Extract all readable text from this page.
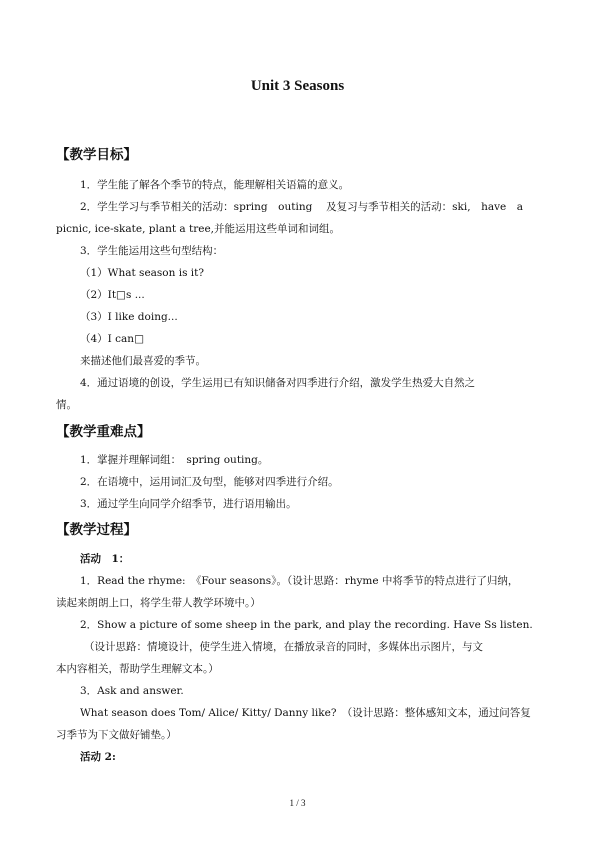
Unit 3 Seasons
【教学目标】
1．学生能了解各个季节的特点，能理解相关语篇的意义。
2．学生学习与季节相关的活动：spring　outing　 及复习与季节相关的活动：ski,　have　a
picnic, ice-skate, plant a tree,并能运用这些单词和词组。
3．学生能运用这些句型结构：
（1）What season is it?
（2）It□s ...
（3）I like doing...
（4）I can□
来描述他们最喜爱的季节。
4．通过语境的创设，学生运用已有知识储备对四季进行介绍，激发学生热爱大自然之
情。
【教学重难点】
1．掌握并理解词组：　spring outing。
2．在语境中，运用词汇及句型，能够对四季进行介绍。
3．通过学生向同学介绍季节，进行语用输出。
【教学过程】
活动　1：
1．Read the rhyme:　《Four seasons》。（设计思路：rhyme 中将季节的特点进行了归纳，
读起来朗朗上口，将学生带人教学环境中。）
2．Show a picture of some sheep in the park, and play the recording. Have Ss listen.
（设计思路：情境设计，使学生进入情境，在播放录音的同时，多媒体出示图片，与文
本内容相关，帮助学生理解文本。）
3．Ask and answer.
What season does Tom/ Alice/ Kitty/ Danny like?　（设计思路：整体感知文本，通过问答复
习季节为下文做好铺垫。）
活动 2:
1 / 3
